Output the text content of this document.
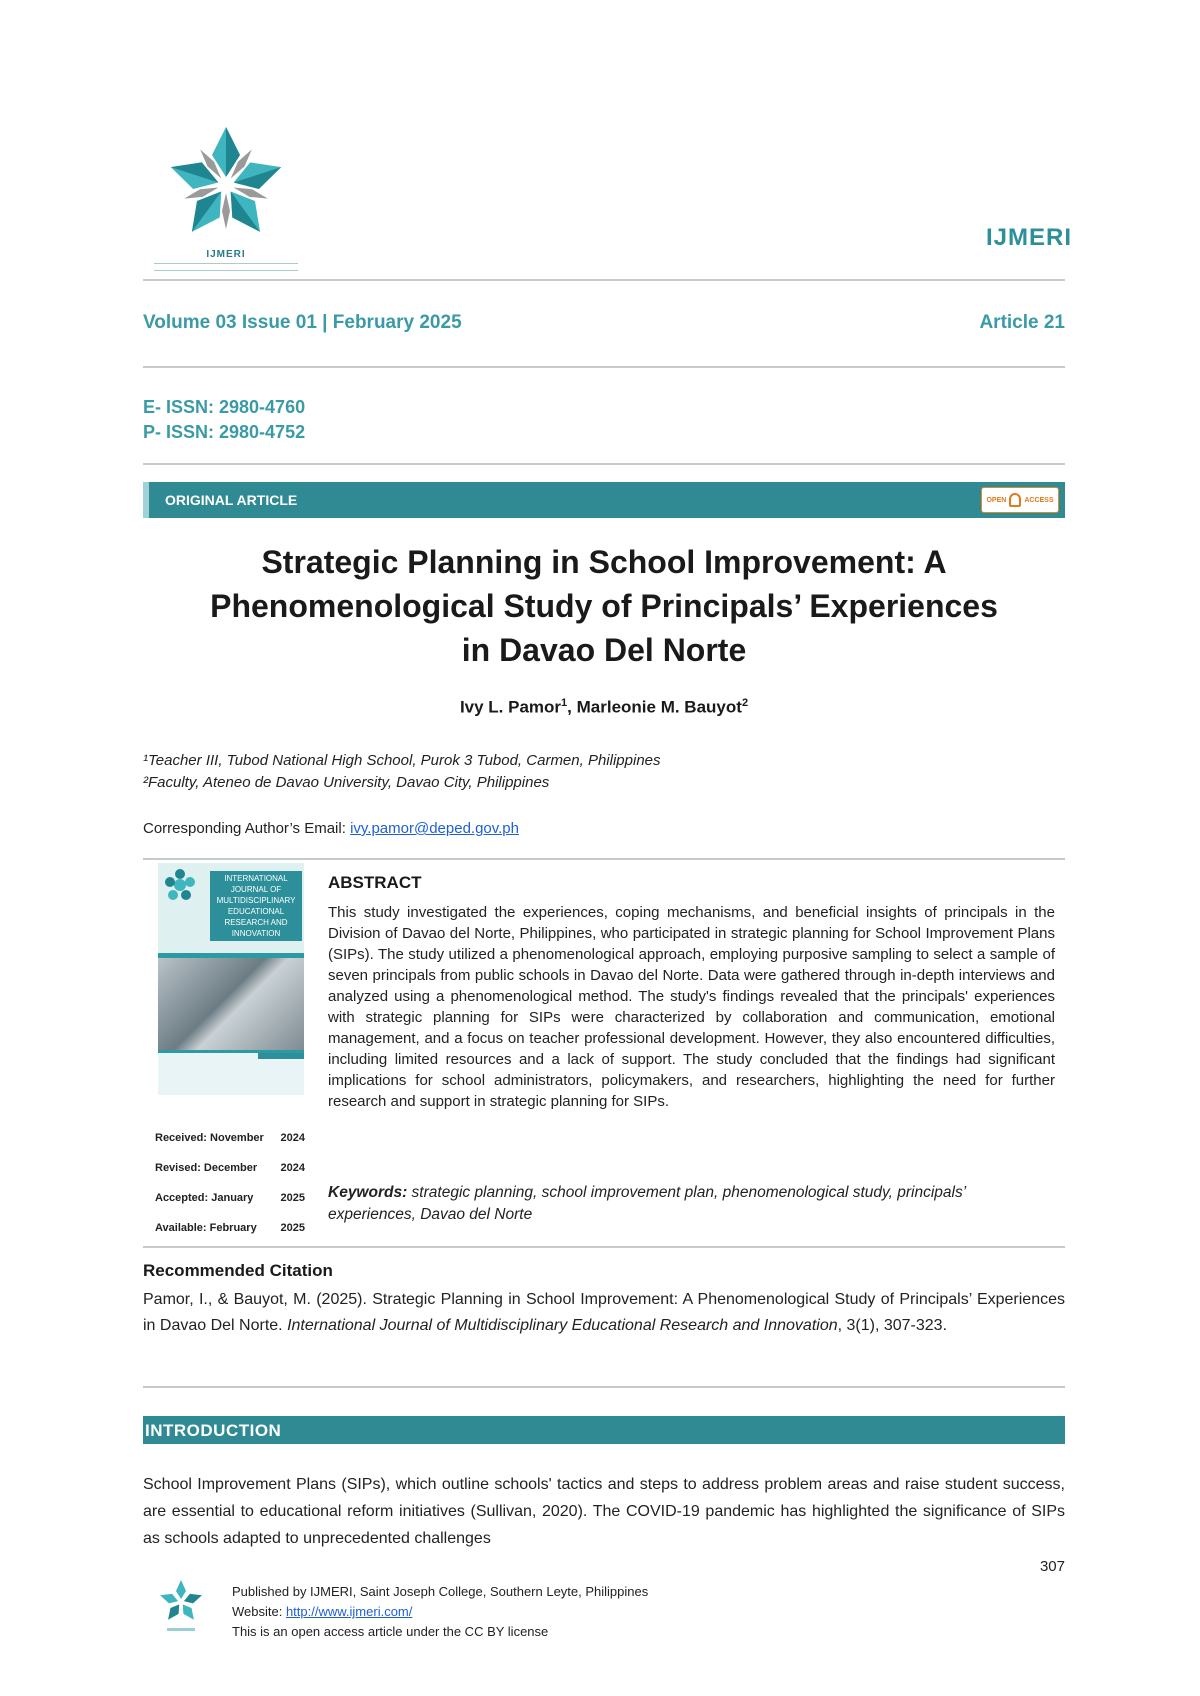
IJMERI
IJMERI
Volume 03 Issue 01 | February 2025	Article 21
E- ISSN: 2980-4760
P- ISSN: 2980-4752
ORIGINAL ARTICLE	OPEN	ACCESS
Strategic Planning in School Improvement: A
Phenomenological Study of Principals’ Experiences
in Davao Del Norte
Ivy L. Pamor$^1$, Marleonie M. Bauyot$^2$
¹Teacher III, Tubod National High School, Purok 3 Tubod, Carmen, Philippines
²Faculty, Ateneo de Davao University, Davao City, Philippines
Corresponding Author’s Email: ivy.pamor@deped.gov.ph
INTERNATIONAL JOURNAL OF MULTIDISCIPLINARY EDUCATIONAL RESEARCH AND INNOVATION
Received: November 2024
Revised: December 2024
Accepted: January 2025
Available: February 2025
ABSTRACT
This study investigated the experiences, coping mechanisms, and beneficial insights of principals in the Division of Davao del Norte, Philippines, who participated in strategic planning for School Improvement Plans (SIPs). The study utilized a phenomenological approach, employing purposive sampling to select a sample of seven principals from public schools in Davao del Norte. Data were gathered through in-depth interviews and analyzed using a phenomenological method. The study's findings revealed that the principals' experiences with strategic planning for SIPs were characterized by collaboration and communication, emotional management, and a focus on teacher professional development. However, they also encountered difficulties, including limited resources and a lack of support. The study concluded that the findings had significant implications for school administrators, policymakers, and researchers, highlighting the need for further research and support in strategic planning for SIPs.
Keywords: strategic planning, school improvement plan, phenomenological study, principals’ experiences, Davao del Norte
Recommended Citation
Pamor, I., & Bauyot, M. (2025). Strategic Planning in School Improvement: A Phenomenological Study of Principals’ Experiences in Davao Del Norte. International Journal of Multidisciplinary Educational Research and Innovation, 3(1), 307-323.
INTRODUCTION
School Improvement Plans (SIPs), which outline schools' tactics and steps to address problem areas and raise student success, are essential to educational reform initiatives (Sullivan, 2020). The COVID-19 pandemic has highlighted the significance of SIPs as schools adapted to unprecedented challenges
307
Published by IJMERI, Saint Joseph College, Southern Leyte, Philippines
Website: http://www.ijmeri.com/
This is an open access article under the CC BY license
